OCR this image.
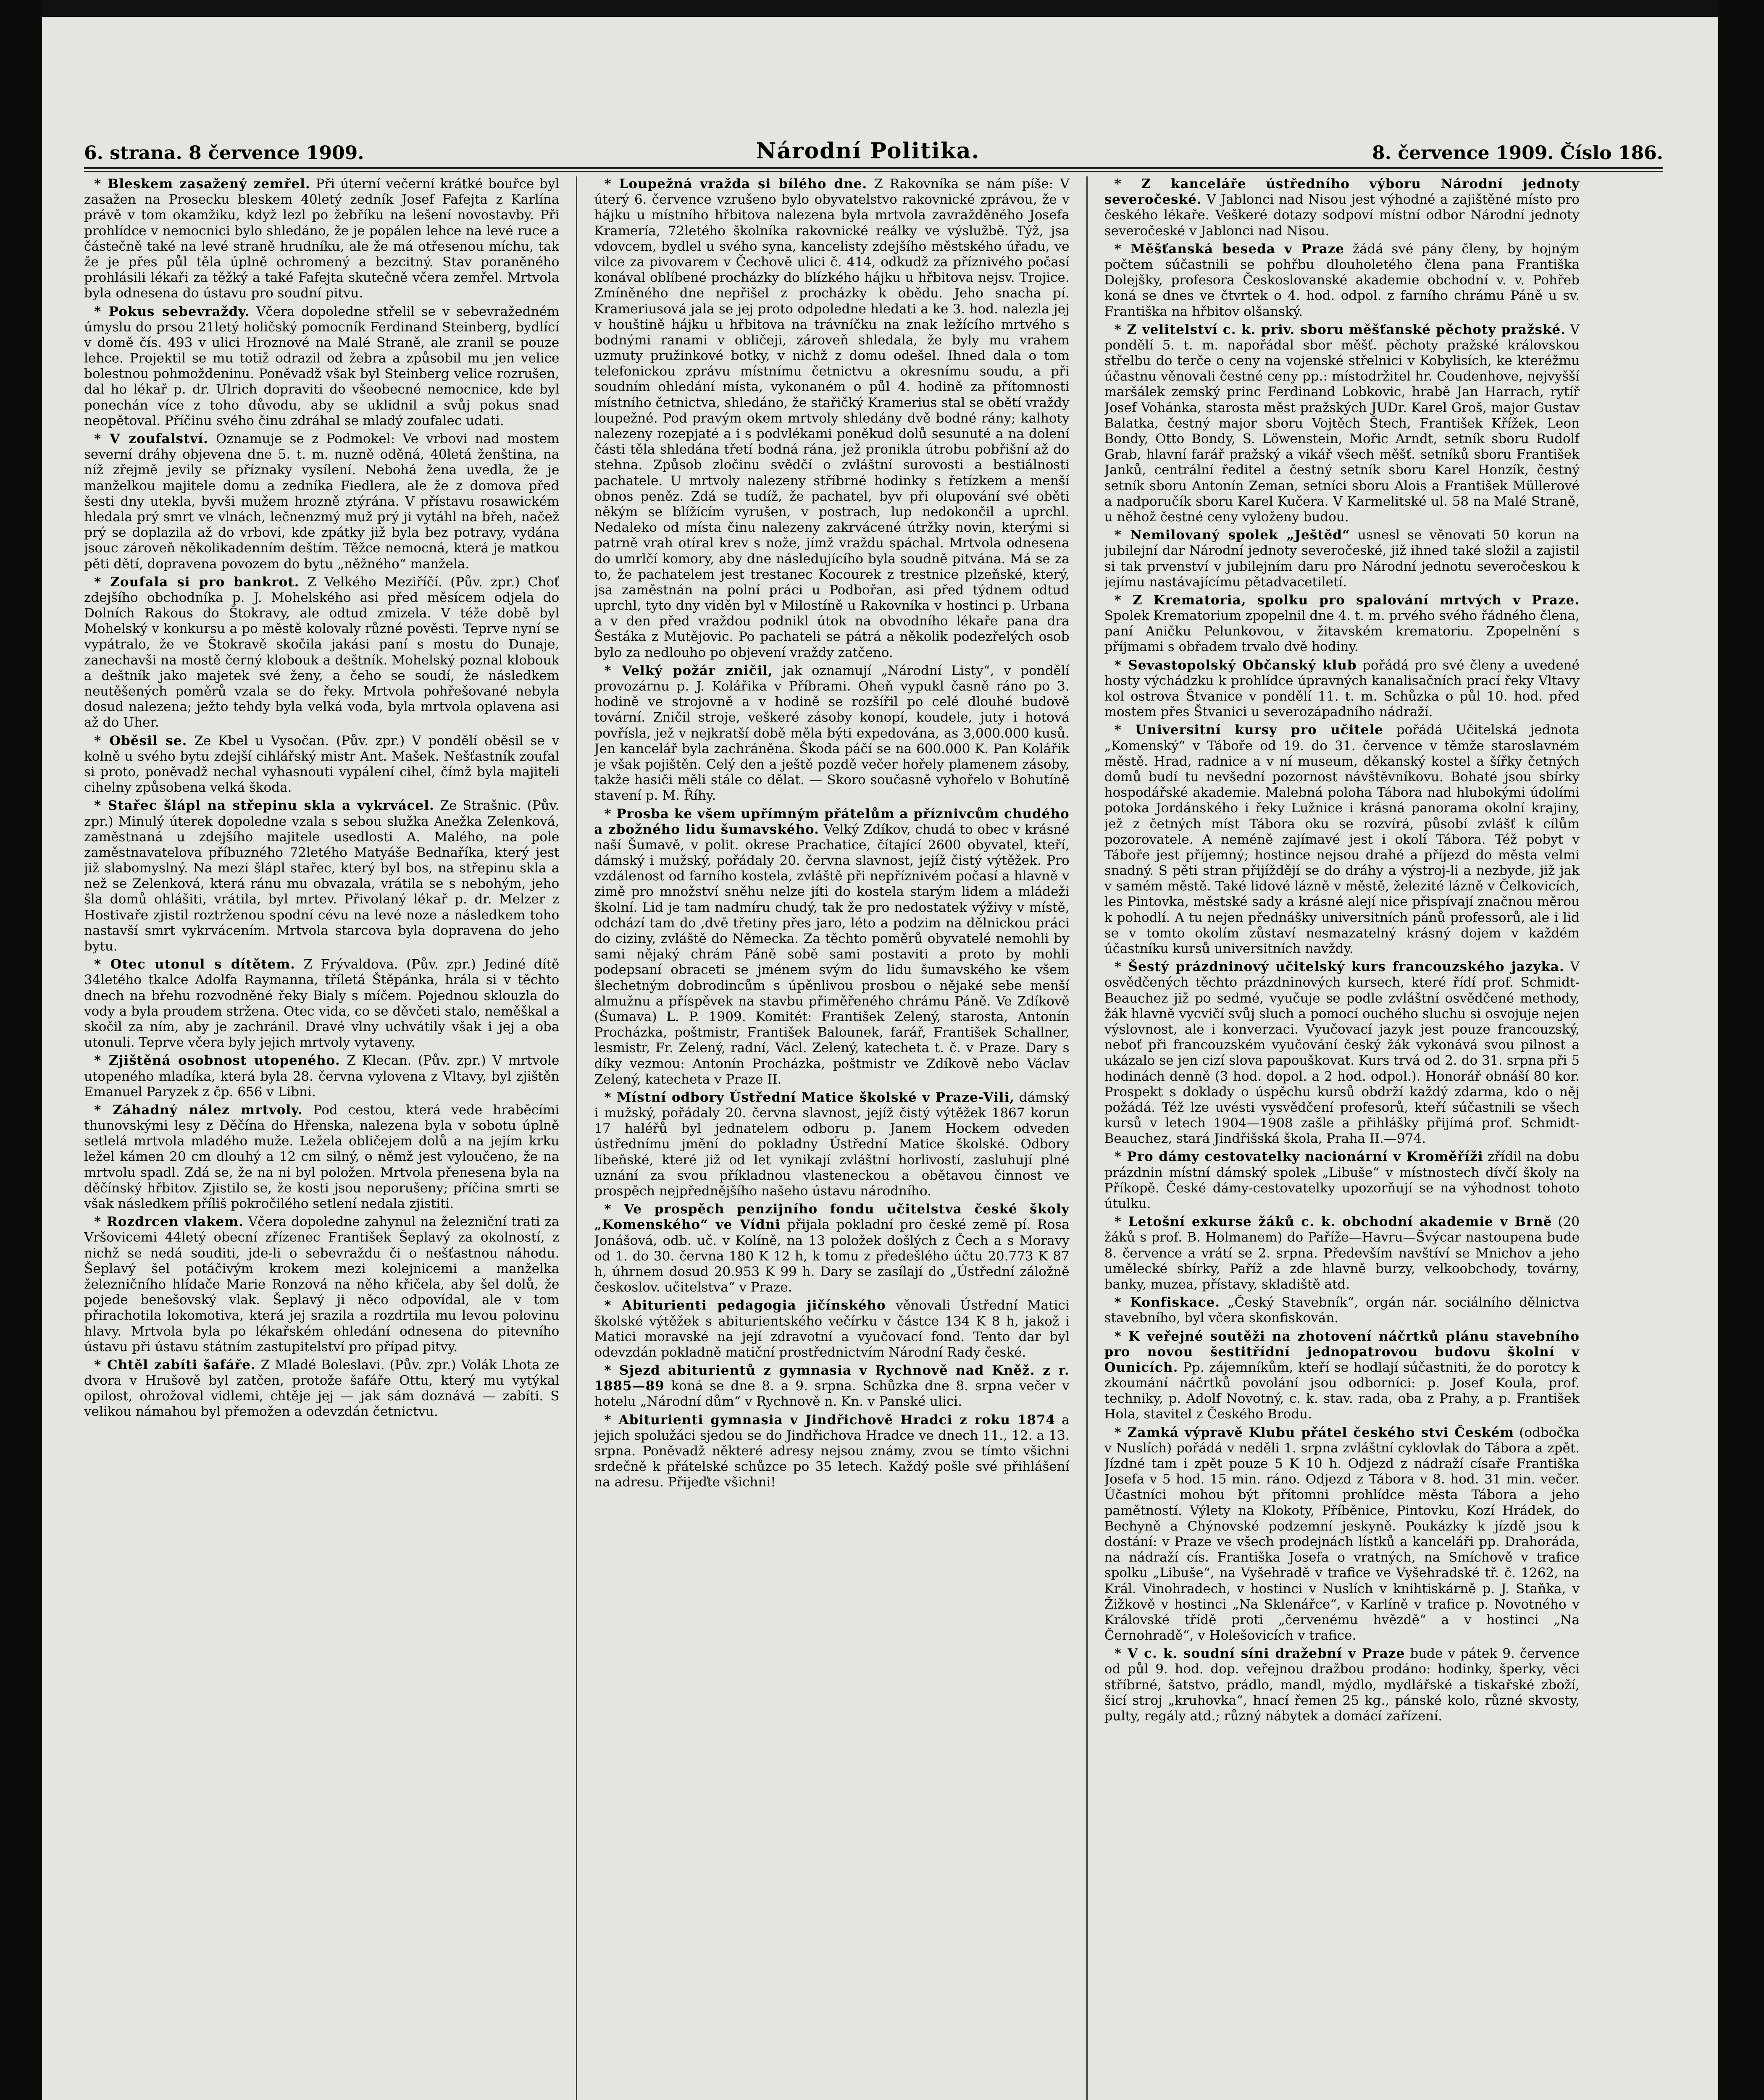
6. strana. 8 července 1909.	Národní Politika.	8. července 1909. Číslo 186.

* Bleskem zasažený zemřel. Při úterní večerní krátké bouřce byl zasažen na Prosecku bleskem 40letý zedník Josef Fafejta z Karlína právě v tom okamžiku, když lezl po žebříku na lešení novostavby. Při prohlídce v nemocnici bylo shledáno, že je popálen lehce na levé ruce a částečně také na levé straně hrudníku, ale že má otřesenou míchu, tak že je přes půl těla úplně ochromený a bezcitný. Stav poraněného prohlásili lékaři za těžký a také Fafejta skutečně včera zemřel. Mrtvola byla odnesena do ústavu pro soudní pitvu.

* Pokus sebevraždy. Včera dopoledne střelil se v sebevražedném úmyslu do prsou 21letý holičský pomocník Ferdinand Steinberg, bydlící v domě čís. 493 v ulici Hroznové na Malé Straně, ale zranil se pouze lehce. Projektil se mu totiž odrazil od žebra a způsobil mu jen velice bolestnou pohmoždeninu. Poněvadž však byl Steinberg velice rozrušen, dal ho lékař p. dr. Ulrich dopraviti do všeobecné nemocnice, kde byl ponechán více z toho důvodu, aby se uklidnil a svůj pokus snad neopětoval. Příčinu svého činu zdráhal se mladý zoufalec udati.

* V zoufalství. Oznamuje se z Podmokel: Ve vrbovi nad mostem severní dráhy objevena dne 5. t. m. nuzně oděná, 40letá ženština, na níž zřejmě jevily se příznaky vysílení. Nebohá žena uvedla, že je manželkou majitele domu a zedníka Fiedlera, ale že z domova před šesti dny utekla, byvši mužem hrozně ztýrána. V přístavu rosawickém hledala prý smrt ve vlnách, lečnenzmý muž prý ji vytáhl na břeh, načež prý se doplazila až do vrbovi, kde zpátky již byla bez potravy, vydána jsouc zároveň několikadenním deštím. Těžce nemocná, která je matkou pěti dětí, dopravena povozem do bytu „něžného“ manžela.

* Zoufala si pro bankrot. Z Velkého Meziříčí. (Pův. zpr.) Choť zdejšího obchodníka p. J. Mohelského asi před měsícem odjela do Dolních Rakous do Štokravy, ale odtud zmizela. V téže době byl Mohelský v konkursu a po městě kolovaly různé pověsti. Teprve nyní se vypátralo, že ve Štokravě skočila jakási paní s mostu do Dunaje, zanechavši na mostě černý klobouk a deštník. Mohelský poznal klobouk a deštník jako majetek své ženy, a čeho se soudí, že následkem neutěšených poměrů vzala se do řeky. Mrtvola pohřešované nebyla dosud nalezena; ježto tehdy byla velká voda, byla mrtvola oplavena asi až do Uher.

* Oběsil se. Ze Kbel u Vysočan. (Pův. zpr.) V pondělí oběsil se v kolně u svého bytu zdejší cihlářský mistr Ant. Mašek. Nešťastník zoufal si proto, poněvadž nechal vyhasnouti vypálení cihel, čímž byla majiteli cihelny způsobena velká škoda.

* Stařec šlápl na střepinu skla a vykrvácel. Ze Strašnic. (Pův. zpr.) Minulý úterek dopoledne vzala s sebou služka Anežka Zelenková, zaměstnaná u zdejšího majitele usedlosti A. Malého, na pole zaměstnavatelova příbuzného 72letého Matyáše Bednaříka, který jest již slabomyslný. Na mezi šlápl stařec, který byl bos, na střepinu skla a než se Zelenková, která ránu mu obvazala, vrátila se s nebohým, jeho šla domů ohlášiti, vrátila, byl mrtev. Přivolaný lékař p. dr. Melzer z Hostivaře zjistil roztrženou spodní cévu na levé noze a následkem toho nastavší smrt vykrvácením. Mrtvola starcova byla dopravena do jeho bytu.

* Otec utonul s dítětem. Z Frývaldova. (Pův. zpr.) Jediné dítě 34letého tkalce Adolfa Raymanna, tříletá Štěpánka, hrála si v těchto dnech na břehu rozvodněné řeky Bialy s míčem. Pojednou sklouzla do vody a byla proudem stržena. Otec vida, co se děvčeti stalo, neměškal a skočil za ním, aby je zachránil. Dravé vlny uchvátily však i jej a oba utonuli. Teprve včera byly jejich mrtvoly vytaveny.

* Zjištěná osobnost utopeného. Z Klecan. (Pův. zpr.) V mrtvole utopeného mladíka, která byla 28. června vylovena z Vltavy, byl zjištěn Emanuel Paryzek z čp. 656 v Libni.

* Záhadný nález mrtvoly. Pod cestou, která vede hraběcími thunovskými lesy z Děčína do Hřenska, nalezena byla v sobotu úplně setlelá mrtvola mladého muže. Ležela obličejem dolů a na jejím krku ležel kámen 20 cm dlouhý a 12 cm silný, o němž jest vyloučeno, že na mrtvolu spadl. Zdá se, že na ni byl položen. Mrtvola přenesena byla na děčínský hřbitov. Zjistilo se, že kosti jsou neporušeny; příčina smrti se však následkem příliš pokročilého setlení nedala zjistiti.

* Rozdrcen vlakem. Včera dopoledne zahynul na železniční trati za Vršovicemi 44letý obecní zřízenec František Šeplavý za okolností, z nichž se nedá souditi, jde-li o sebevraždu či o nešťastnou náhodu. Šeplavý šel potáčivým krokem mezi kolejnicemi a manželka železničního hlídače Marie Ronzová na něho křičela, aby šel dolů, že pojede benešovský vlak. Šeplavý ji něco odpovídal, ale v tom přirachotila lokomotiva, která jej srazila a rozdrtila mu levou polovinu hlavy. Mrtvola byla po lékařském ohledání odnesena do pitevního ústavu při ústavu státním zastupitelství pro případ pitvy.

* Chtěl zabíti šafáře. Z Mladé Boleslavi. (Pův. zpr.) Volák Lhota ze dvora v Hrušově byl zatčen, protože šafáře Ottu, který mu vytýkal opilost, ohrožoval vidlemi, chtěje jej — jak sám doznává — zabíti. S velikou námahou byl přemožen a odevzdán četnictvu.

* Loupežná vražda si bílého dne. Z Rakovníka se nám píše: V úterý 6. července vzrušeno bylo obyvatelstvo rakovnické zprávou, že v hájku u místního hřbitova nalezena byla mrtvola zavražděného Josefa Kramería, 72letého školníka rakovnické reálky ve výslužbě. Týž, jsa vdovcem, bydlel u svého syna, kancelisty zdejšího městského úřadu, ve vilce za pivovarem v Čechově ulici č. 414, odkudž za příznivého počasí konával oblíbené procházky do blízkého hájku u hřbitova nejsv. Trojice. Zmíněného dne nepřišel z procházky k obědu. Jeho snacha pí. Krameriusová jala se jej proto odpoledne hledati a ke 3. hod. nalezla jej v houštině hájku u hřbitova na trávníčku na znak ležícího mrtvého s bodnými ranami v obličeji, zároveň shledala, že byly mu vrahem uzmuty pružinkové botky, v nichž z domu odešel. Ihned dala o tom telefonickou zprávu místnímu četnictvu a okresnímu soudu, a při soudním ohledání místa, vykonaném o půl 4. hodině za přítomnosti místního četnictva, shledáno, že stařičký Kramerius stal se obětí vraždy loupežné. Pod pravým okem mrtvoly shledány dvě bodné rány; kalhoty nalezeny rozepjaté a i s podvlékami poněkud dolů sesunuté a na dolení části těla shledána třetí bodná rána, jež pronikla útrobu pobřišní až do stehna. Způsob zločinu svědčí o zvláštní surovosti a bestiálnosti pachatele. U mrtvoly nalezeny stříbrné hodinky s řetízkem a menší obnos peněz. Zdá se tudíž, že pachatel, byv při olupování své oběti někým se blížícím vyrušen, v postrach, lup nedokončil a uprchl. Nedaleko od místa činu nalezeny zakrvácené útržky novin, kterými si patrně vrah otíral krev s nože, jímž vraždu spáchal. Mrtvola odnesena do umrlčí komory, aby dne následujícího byla soudně pitvána. Má se za to, že pachatelem jest trestanec Kocourek z trestnice plzeňské, který, jsa zaměstnán na polní práci u Podbořan, asi před týdnem odtud uprchl, tyto dny viděn byl v Milostíně u Rakovníka v hostinci p. Urbana a v den před vraždou podnikl útok na obvodního lékaře pana dra Šestáka z Mutějovic. Po pachateli se pátrá a několik podezřelých osob bylo za nedlouho po objevení vraždy zatčeno.

* Velký požár zničil, jak oznamují „Národní Listy“, v pondělí provozárnu p. J. Kolářika v Příbrami. Oheň vypukl časně ráno po 3. hodině ve strojovně a v hodině se rozšířil po celé dlouhé budově tovární. Zničil stroje, veškeré zásoby konopí, koudele, juty i hotová povřísla, jež v nejkratší době měla býti expedována, as 3,000.000 kusů. Jen kancelář byla zachráněna. Škoda páčí se na 600.000 K. Pan Kolářik je však pojištěn. Celý den a ještě pozdě večer hořely plamenem zásoby, takže hasiči měli stále co dělat. — Skoro současně vyhořelo v Bohutíně stavení p. M. Říhy.

* Prosba ke všem upřímným přátelům a příznivcům chudého a zbožného lidu šumavského. Velký Zdíkov, chudá to obec v krásné naší Šumavě, v polit. okrese Prachatice, čítající 2600 obyvatel, kteří, dámský i mužský, pořádaly 20. června slavnost, jejíž čistý výtěžek. Pro vzdálenost od farního kostela, zvláště při nepříznivém počasí a hlavně v zimě pro množství sněhu nelze jíti do kostela starým lidem a mládeži školní. Lid je tam nadmíru chudý, tak že pro nedostatek výživy v místě, odchází tam do ,dvě třetiny přes jaro, léto a podzim na dělnickou práci do ciziny, zvláště do Německa. Za těchto poměrů obyvatelé nemohli by sami nějaký chrám Páně sobě sami postaviti a proto by mohli podepsaní obraceti se jménem svým do lidu šumavského ke všem šlechetným dobrodincům s úpěnlivou prosbou o nějaké sebe menší almužnu a příspěvek na stavbu přiměřeného chrámu Páně. Ve Zdíkově (Šumava) L. P. 1909. Komitét: František Zelený, starosta, Antonín Procházka, poštmistr, František Balounek, farář, František Schallner, lesmistr, Fr. Zelený, radní, Václ. Zelený, katecheta t. č. v Praze. Dary s díky vezmou: Antonín Procházka, poštmistr ve Zdíkově nebo Václav Zelený, katecheta v Praze II.

* Místní odbory Ústřední Matice školské v Praze-Vili, dámský i mužský, pořádaly 20. června slavnost, jejíž čistý výtěžek 1867 korun 17 haléřů byl jednatelem odboru p. Janem Hockem odveden ústřednímu jmění do pokladny Ústřední Matice školské. Odbory libeňské, které již od let vynikají zvláštní horlivostí, zasluhují plné uznání za svou příkladnou vlasteneckou a obětavou činnost ve prospěch nejpřednějšího našeho ústavu národního.

* Ve prospěch penzijního fondu učitelstva české školy „Komenského“ ve Vídni přijala pokladní pro české země pí. Rosa Jonášová, odb. uč. v Kolíně, na 13 položek došlých z Čech a s Moravy od 1. do 30. června 180 K 12 h, k tomu z předešlého účtu 20.773 K 87 h, úhrnem dosud 20.953 K 99 h. Dary se zasílají do „Ústřední záložně českoslov. učitelstva“ v Praze.

* Abiturienti pedagogia jičínského věnovali Ústřední Matici školské výtěžek s abiturientského večírku v částce 134 K 8 h, jakož i Matici moravské na její zdravotní a vyučovací fond. Tento dar byl odevzdán pokladně matiční prostřednictvím Národní Rady české.

* Sjezd abiturientů z gymnasia v Rychnově nad Kněž. z r. 1885—89 koná se dne 8. a 9. srpna. Schůzka dne 8. srpna večer v hotelu „Národní dům“ v Rychnově n. Kn. v Panské ulici.

* Abiturienti gymnasia v Jindřichově Hradci z roku 1874 a jejich spolužáci sjedou se do Jindřichova Hradce ve dnech 11., 12. a 13. srpna. Poněvadž některé adresy nejsou známy, zvou se tímto všichni srdečně k přátelské schůzce po 35 letech. Každý pošle své přihlášení na adresu. Přijeďte všichni!

* Z kanceláře ústředního výboru Národní jednoty severočeské. V Jablonci nad Nisou jest výhodné a zajištěné místo pro českého lékaře. Veškeré dotazy sodpoví místní odbor Národní jednoty severočeské v Jablonci nad Nisou.

* Měšťanská beseda v Praze žádá své pány členy, by hojným počtem súčastnili se pohřbu dlouholetého člena pana Františka Dolejšky, profesora Českoslovanské akademie obchodní v. v. Pohřeb koná se dnes ve čtvrtek o 4. hod. odpol. z farního chrámu Páně u sv. Františka na hřbitov olšanský.

* Z velitelství c. k. priv. sboru měšťanské pěchoty pražské. V pondělí 5. t. m. napořádal sbor měšť. pěchoty pražské královskou střelbu do terče o ceny na vojenské střelnici v Kobylisích, ke kteréžmu účastnu věnovali čestné ceny pp.: místodržitel hr. Coudenhove, nejvyšší maršálek zemský princ Ferdinand Lobkovic, hrabě Jan Harrach, rytíř Josef Vohánka, starosta měst pražských JUDr. Karel Groš, major Gustav Balatka, čestný major sboru Vojtěch Štech, František Křížek, Leon Bondy, Otto Bondy, S. Löwenstein, Mořic Arndt, setník sboru Rudolf Grab, hlavní farář pražský a vikář všech měšť. setníků sboru František Janků, centrální ředitel a čestný setník sboru Karel Honzík, čestný setník sboru Antonín Zeman, setníci sboru Alois a František Müllerové a nadporučík sboru Karel Kučera. V Karmelitské ul. 58 na Malé Straně, u něhož čestné ceny vyloženy budou.

* Nemilovaný spolek „Ještěd“ usnesl se věnovati 50 korun na jubilejní dar Národní jednoty severočeské, již ihned také složil a zajistil si tak prvenství v jubilejním daru pro Národní jednotu severočeskou k jejímu nastávajícímu pětadvacetiletí.

* Z Krematoria, spolku pro spalování mrtvých v Praze. Spolek Krematorium zpopelnil dne 4. t. m. prvého svého řádného člena, paní Aničku Pelunkovou, v žitavském krematoriu. Zpopelnění s příjmami s obřadem trvalo dvě hodiny.

* Sevastopolský Občanský klub pořádá pro své členy a uvedené hosty výchádzku k prohlídce úpravných kanalisačních prací řeky Vltavy kol ostrova Štvanice v pondělí 11. t. m. Schůzka o půl 10. hod. před mostem přes Štvanici u severozápadního nádraží.

* Universitní kursy pro učitele pořádá Učitelská jednota „Komenský“ v Táboře od 19. do 31. července v těmže staroslavném městě. Hrad, radnice a v ní museum, děkanský kostel a šířky četných domů budí tu nevšední pozornost návštěvníkovu. Bohaté jsou sbírky hospodářské akademie. Malebná poloha Tábora nad hlubokými údolími potoka Jordánského i řeky Lužnice i krásná panorama okolní krajiny, jež z četných míst Tábora oku se rozvírá, působí zvlášť k cílům pozorovatele. A neméně zajímavé jest i okolí Tábora. Též pobyt v Táboře jest příjemný; hostince nejsou drahé a příjezd do města velmi snadný. S pěti stran přijíždějí se do dráhy a výstroj-li a nezbyde, již jak v samém městě. Také lidové lázně v městě, železité lázně v Čelkovicích, les Pintovka, městské sady a krásné alejí nice přispívají značnou měrou k pohodlí. A tu nejen přednášky universitních pánů professorů, ale i lid se v tomto okolím zůstaví nesmazatelný krásný dojem v každém účastníku kursů universitních navždy.

* Šestý prázdninový učitelský kurs francouzského jazyka. V osvědčených těchto prázdninových kursech, které řídí prof. Schmidt-Beauchez již po sedmé, vyučuje se podle zvláštní osvědčené methody, žák hlavně vycvičí svůj sluch a pomocí ouchého sluchu si osvojuje nejen výslovnost, ale i konverzaci. Vyučovací jazyk jest pouze francouzský, neboť při francouzském vyučování český žák vykonává svou pilnost a ukázalo se jen cizí slova papouškovat. Kurs trvá od 2. do 31. srpna při 5 hodinách denně (3 hod. dopol. a 2 hod. odpol.). Honorář obnáší 80 kor. Prospekt s doklady o úspěchu kursů obdrží každý zdarma, kdo o něj požádá. Též lze uvésti vysvědčení profesorů, kteří súčastnili se všech kursů v letech 1904—1908 zašle a přihlášky přijímá prof. Schmidt-Beauchez, stará Jindřišská škola, Praha II.—974.

* Pro dámy cestovatelky nacionární v Kroměříži zřídil na dobu prázdnin místní dámský spolek „Libuše“ v místnostech dívčí školy na Příkopě. České dámy-cestovatelky upozorňují se na výhodnost tohoto útulku.

* Letošní exkurse žáků c. k. obchodní akademie v Brně (20 žáků s prof. B. Holmanem) do Paříže—Havru—Švýcar nastoupena bude 8. července a vrátí se 2. srpna. Především navštíví se Mnichov a jeho umělecké sbírky, Paříž a zde hlavně burzy, velkoobchody, továrny, banky, muzea, přístavy, skladiště atd.

* Konfiskace. „Český Stavebník“, orgán nár. sociálního dělnictva stavebního, byl včera skonfiskován.

* K veřejné soutěži na zhotovení náčrtků plánu stavebního pro novou šestitřídní jednopatrovou budovu školní v Ounicích. Pp. zájemníkům, kteří se hodlají súčastniti, že do porotcy k zkoumání náčrtků povolání jsou odborníci: p. Josef Koula, prof. techniky, p. Adolf Novotný, c. k. stav. rada, oba z Prahy, a p. František Hola, stavitel z Českého Brodu.

* Zamká výpravě Klubu přátel českého stvi Českém (odbočka v Nuslích) pořádá v neděli 1. srpna zvláštní cyklovlak do Tábora a zpět. Jízdné tam i zpět pouze 5 K 10 h. Odjezd z nádraží císaře Františka Josefa v 5 hod. 15 min. ráno. Odjezd z Tábora v 8. hod. 31 min. večer. Účastníci mohou být přítomni prohlídce města Tábora a jeho pamětností. Výlety na Klokoty, Příběnice, Pintovku, Kozí Hrádek, do Bechyně a Chýnovské podzemní jeskyně. Poukázky k jízdě jsou k dostání: v Praze ve všech prodejnách lístků a kanceláři pp. Drahoráda, na nádraží cís. Františka Josefa o vratných, na Smíchově v trafice spolku „Libuše“, na Vyšehradě v trafice ve Vyšehradské tř. č. 1262, na Král. Vinohradech, v hostinci v Nuslích v knihtiskárně p. J. Staňka, v Žižkově v hostinci „Na Sklenářce“, v Karlíně v trafice p. Novotného v Královské třídě proti „červenému hvězdě“ a v hostinci „Na Černohradě“, v Holešovicích v trafice.

* V c. k. soudní síni dražební v Praze bude v pátek 9. července od půl 9. hod. dop. veřejnou dražbou prodáno: hodinky, šperky, věci stříbrné, šatstvo, prádlo, mandl, mýdlo, mydlářské a tiskařské zboží, šicí stroj „kruhovka“, hnací řemen 25 kg., pánské kolo, různé skvosty, pulty, regály atd.; různý nábytek a domácí zařízení.
